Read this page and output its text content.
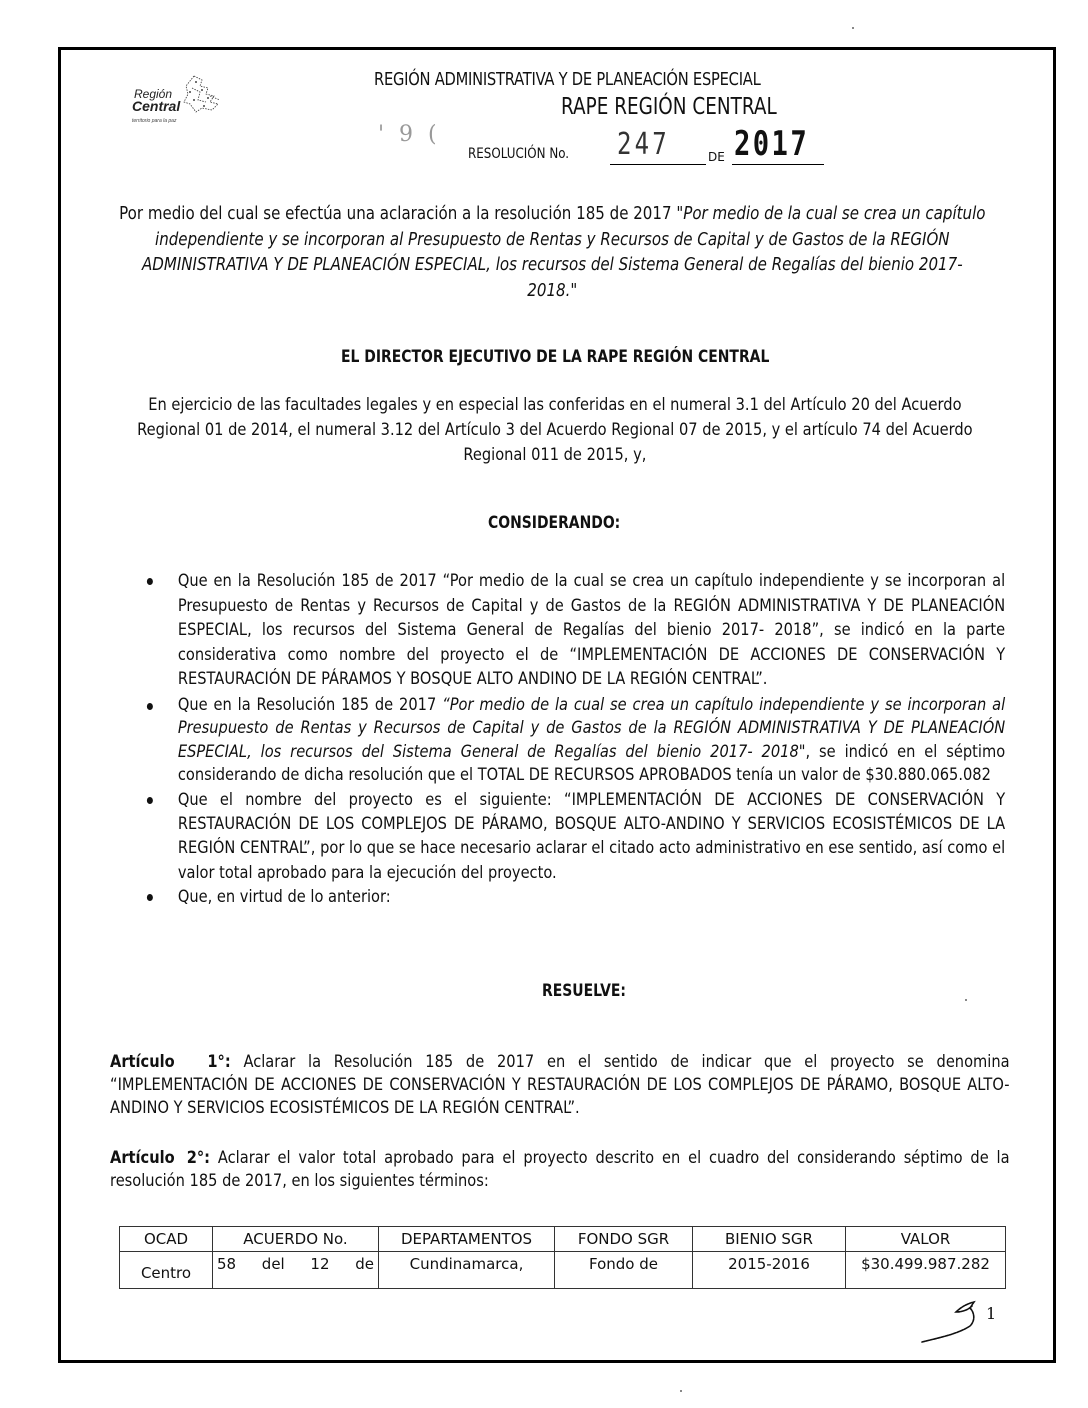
Región
Central
territorio para la paz
REGIÓN ADMINISTRATIVA Y DE PLANEACIÓN ESPECIAL
RAPE REGIÓN CENTRAL
' 9 (
RESOLUCIÓN No. 247	DE 2017
Por medio del cual se efectúa una aclaración a la resolución 185 de 2017 "Por medio de la cual se crea un capítulo independiente y se incorporan al Presupuesto de Rentas y Recursos de Capital y de Gastos de la REGIÓN ADMINISTRATIVA Y DE PLANEACIÓN ESPECIAL, los recursos del Sistema General de Regalías del bienio 2017- 2018."
EL DIRECTOR EJECUTIVO DE LA RAPE REGIÓN CENTRAL
En ejercicio de las facultades legales y en especial las conferidas en el numeral 3.1 del Artículo 20 del Acuerdo Regional 01 de 2014, el numeral 3.12 del Artículo 3 del Acuerdo Regional 07 de 2015, y el artículo 74 del Acuerdo Regional 011 de 2015, y,
CONSIDERANDO:
Que en la Resolución 185 de 2017 “Por medio de la cual se crea un capítulo independiente y se incorporan al Presupuesto de Rentas y Recursos de Capital y de Gastos de la REGIÓN ADMINISTRATIVA Y DE PLANEACIÓN ESPECIAL, los recursos del Sistema General de Regalías del bienio 2017- 2018”, se indicó en la parte considerativa como nombre del proyecto el de “IMPLEMENTACIÓN DE ACCIONES DE CONSERVACIÓN Y RESTAURACIÓN DE PÁRAMOS Y BOSQUE ALTO ANDINO DE LA REGIÓN CENTRAL”.
Que en la Resolución 185 de 2017 “Por medio de la cual se crea un capítulo independiente y se incorporan al Presupuesto de Rentas y Recursos de Capital y de Gastos de la REGIÓN ADMINISTRATIVA Y DE PLANEACIÓN ESPECIAL, los recursos del Sistema General de Regalías del bienio 2017- 2018", se indicó en el séptimo considerando de dicha resolución que el TOTAL DE RECURSOS APROBADOS tenía un valor de $30.880.065.082
Que el nombre del proyecto es el siguiente: “IMPLEMENTACIÓN DE ACCIONES DE CONSERVACIÓN Y RESTAURACIÓN DE LOS COMPLEJOS DE PÁRAMO, BOSQUE ALTO-ANDINO Y SERVICIOS ECOSISTÉMICOS DE LA REGIÓN CENTRAL”, por lo que se hace necesario aclarar el citado acto administrativo en ese sentido, así como el valor total aprobado para la ejecución del proyecto.
Que, en virtud de lo anterior:
RESUELVE:
Artículo 1°: Aclarar la Resolución 185 de 2017 en el sentido de indicar que el proyecto se denomina “IMPLEMENTACIÓN DE ACCIONES DE CONSERVACIÓN Y RESTAURACIÓN DE LOS COMPLEJOS DE PÁRAMO, BOSQUE ALTO-ANDINO Y SERVICIOS ECOSISTÉMICOS DE LA REGIÓN CENTRAL”.
Artículo 2°: Aclarar el valor total aprobado para el proyecto descrito en el cuadro del considerando séptimo de la resolución 185 de 2017, en los siguientes términos:
OCAD	ACUERDO No.	DEPARTAMENTOS	FONDO SGR	BIENIO SGR	VALOR
Centro	58 del 12 de	Cundinamarca,	Fondo de	2015-2016	$30.499.987.282
1
